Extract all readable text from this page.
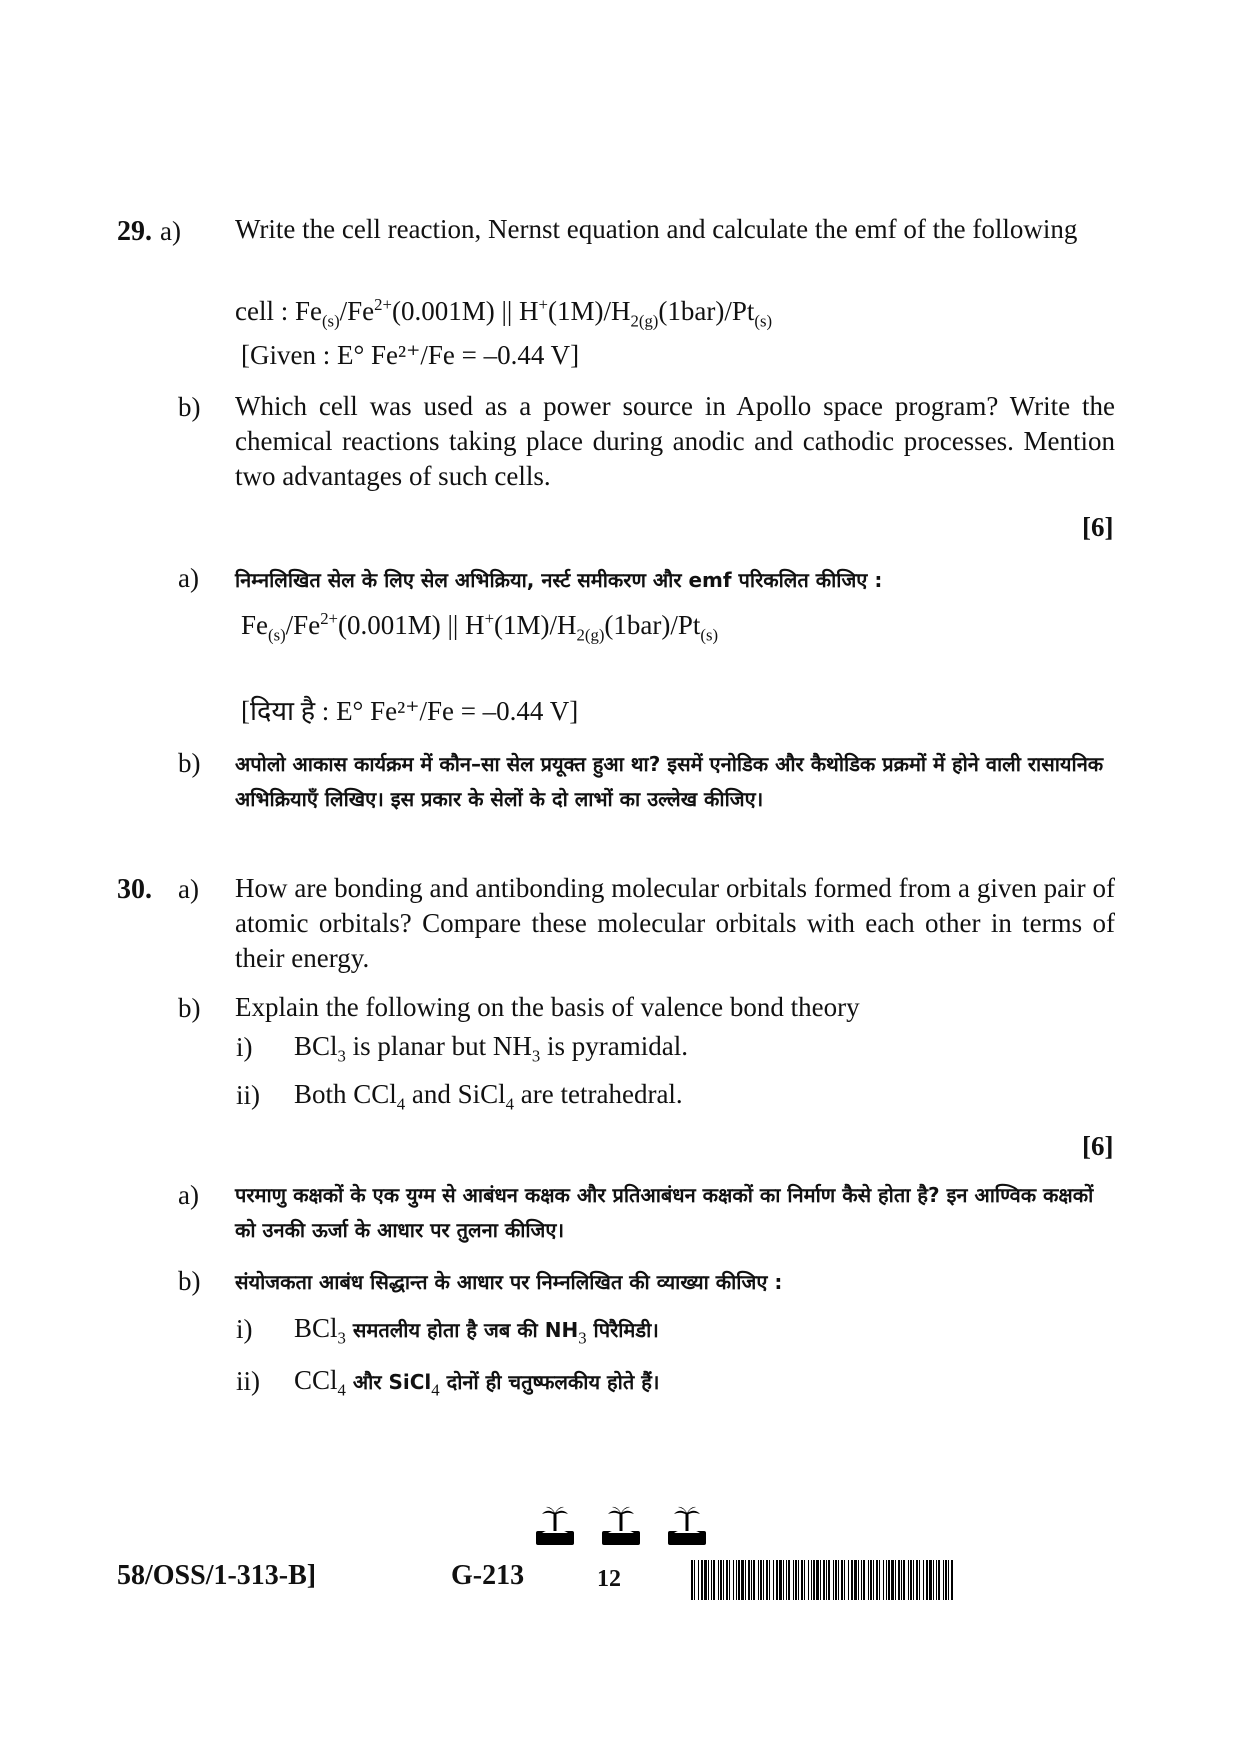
29. a) Write the cell reaction, Nernst equation and calculate the emf of the following
cell : $Fe_{(s)}/Fe^{2+}(0.001M)$ || $H^+(1M)/H_{2(g)}(1bar)/Pt_{(s)}$
[Given : E° Fe²⁺/Fe = –0.44 V]
b) Which cell was used as a power source in Apollo space program? Write the chemical reactions taking place during anodic and cathodic processes. Mention two advantages of such cells.
[6]
a) निम्नलिखित सेल के लिए सेल अभिक्रिया, नर्स्ट समीकरण और emf परिकलित कीजिए :
$Fe_{(s)}/Fe^{2+}(0.001M)$ || $H^+(1M)/H_{2(g)}(1bar)/Pt_{(s)}$
[दिया है : E° Fe²⁺/Fe = –0.44 V]
b) अपोलो आकास कार्यक्रम में कौन–सा सेल प्रयूक्त हुआ था? इसमें एनोडिक और कैथोडिक प्रक्रमों में होने वाली रासायनिक अभिक्रियाएँ लिखिए। इस प्रकार के सेलों के दो लाभों का उल्लेख कीजिए।
30. a) How are bonding and antibonding molecular orbitals formed from a given pair of atomic orbitals? Compare these molecular orbitals with each other in terms of their energy.
b) Explain the following on the basis of valence bond theory
i) BCl$_3$ is planar but $NH_3$ is pyramidal.
ii) Both CCl$_4$ and SiCl$_4$ are tetrahedral.
[6]
a) परमाणु कक्षकों के एक युग्म से आबंधन कक्षक और प्रतिआबंधन कक्षकों का निर्माण कैसे होता है? इन आण्विक कक्षकों को उनकी ऊर्जा के आधार पर तुलना कीजिए।
b) संयोजकता आबंध सिद्धान्त के आधार पर निम्नलिखित की व्याख्या कीजिए :
i) BCl$_3$ समतलीय होता है जब की $NH_3$ पिरैमिडी।
ii) CCl$_4$ और SiCl$_4$ दोनों ही चतुष्फलकीय होते हैं।
58/OSS/1-313-B]	G-213	12
